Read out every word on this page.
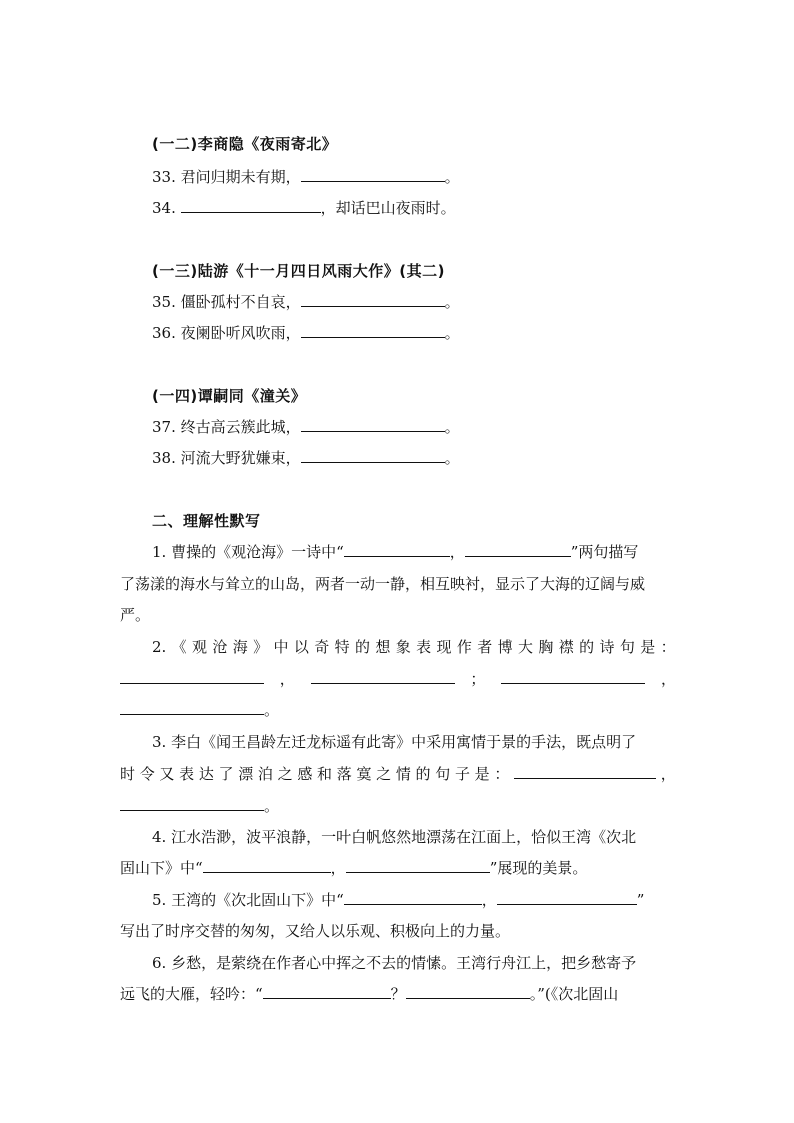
(一二)李商隐《夜雨寄北》
33. 君问归期未有期，	。
34.	，却话巴山夜雨时。
(一三)陆游《十一月四日风雨大作》(其二)
35. 僵卧孤村不自哀，	。
36. 夜阑卧听风吹雨，	。
(一四)谭嗣同《潼关》
37. 终古高云簇此城，	。
38. 河流大野犹嫌束，	。
二、理解性默写
1. 曹操的《观沧海》一诗中“	，	”两句描写
了荡漾的海水与耸立的山岛，两者一动一静，相互映衬，显示了大海的辽阔与威
严。
2. 《 观 沧 海 》 中 以 奇 特 的 想 象 表 现 作 者 博 大 胸 襟 的 诗 句 是 ：
，	；	，
。
3. 李白《闻王昌龄左迁龙标遥有此寄》中采用寓情于景的手法，既点明了
时 令 又 表 达 了 漂 泊 之 感 和 落 寞 之 情 的 句 子 是 ：	，
。
4. 江水浩渺，波平浪静，一叶白帆悠然地漂荡在江面上，恰似王湾《次北
固山下》中“	，	”展现的美景。
5. 王湾的《次北固山下》中“	，	”
写出了时序交替的匆匆，又给人以乐观、积极向上的力量。
6. 乡愁，是萦绕在作者心中挥之不去的情愫。王湾行舟江上，把乡愁寄予
远飞的大雁，轻吟：“	？	。”(《次北固山
